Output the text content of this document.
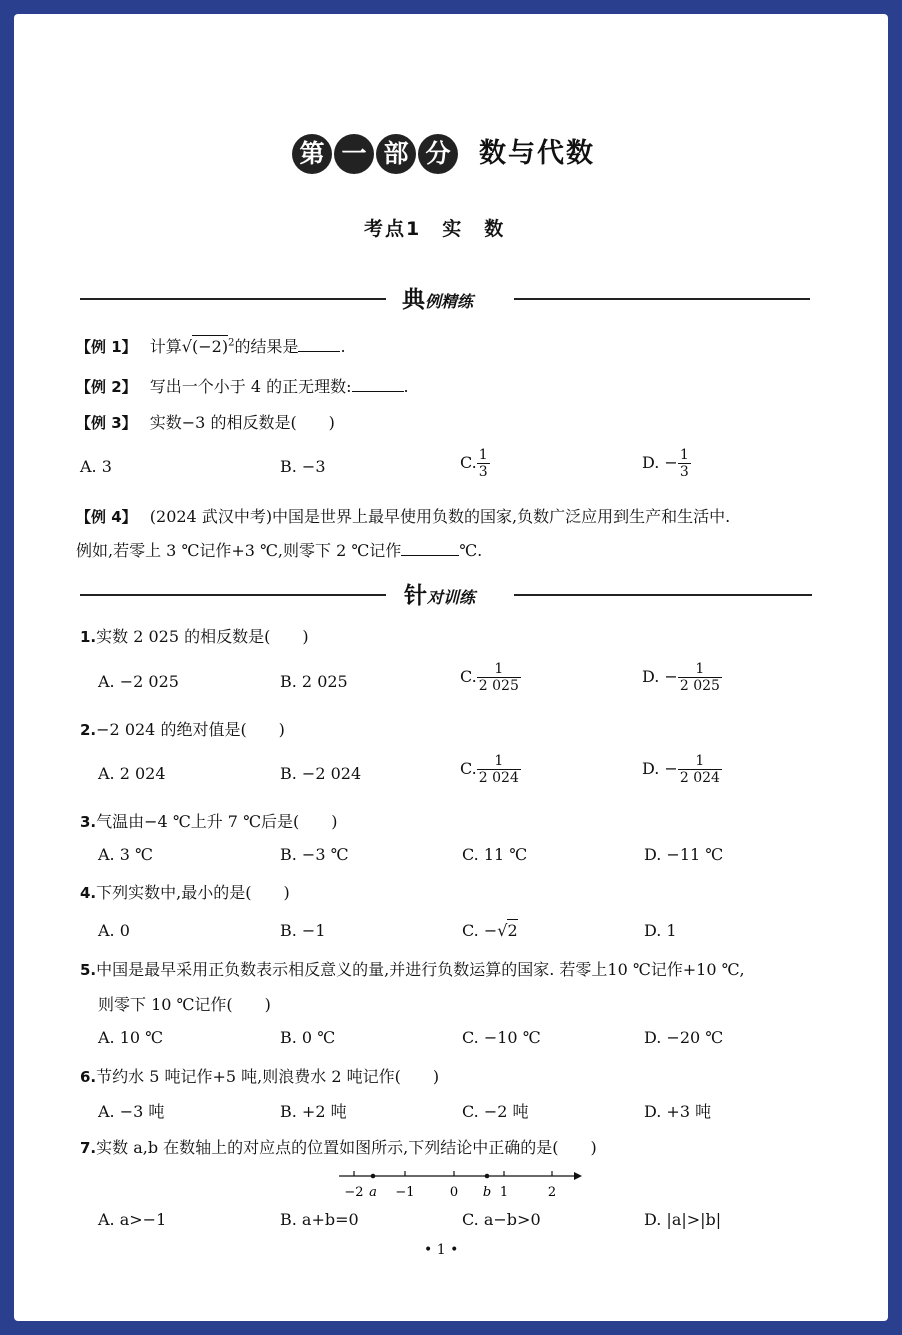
第 一 部 分 数与代数
考点1　实　数
典例精练
【例 1】 计算$√(-2)^2$的结果是	.
【例 2】 写出一个小于 4 的正无理数:	.
【例 3】 实数−3 的相反数是(　　)
A. 3	B. −3	C. $\frac{1}{3}$	D. − $\frac{1}{3}$
【例 4】 (2024 武汉中考)中国是世界上最早使用负数的国家,负数广泛应用到生产和生活中.
例如,若零上 3 ℃记作+3 ℃,则零下 2 ℃记作	℃.
针对训练
1.实数 2 025 的相反数是(　　)
A. −2 025	B. 2 025	C. $\frac{1}{2 025}$	D. − $\frac{1}{2 025}$
2.−2 024 的绝对值是(　　)
A. 2 024	B. −2 024	C. $\frac{1}{2 024}$	D. − $\frac{1}{2 024}$
3.气温由−4 ℃上升 7 ℃后是(　　)
A. 3 ℃	B. −3 ℃	C. 11 ℃	D. −11 ℃
4.下列实数中,最小的是(　　)
A. 0	B. −1	C. −√2	D. 1
5.中国是最早采用正负数表示相反意义的量,并进行负数运算的国家. 若零上10 ℃记作+10 ℃,
则零下 10 ℃记作(　　)
A. 10 ℃	B. 0 ℃	C. −10 ℃	D. −20 ℃
6.节约水 5 吨记作+5 吨,则浪费水 2 吨记作(　　)
A. −3 吨	B. +2 吨	C. −2 吨	D. +3 吨
7.实数 a,b 在数轴上的对应点的位置如图所示,下列结论中正确的是(　　)
−2 a −1	0 b 1	2
A. a>−1	B. a+b=0	C. a−b>0	D. |a|>|b|
• 1 •
